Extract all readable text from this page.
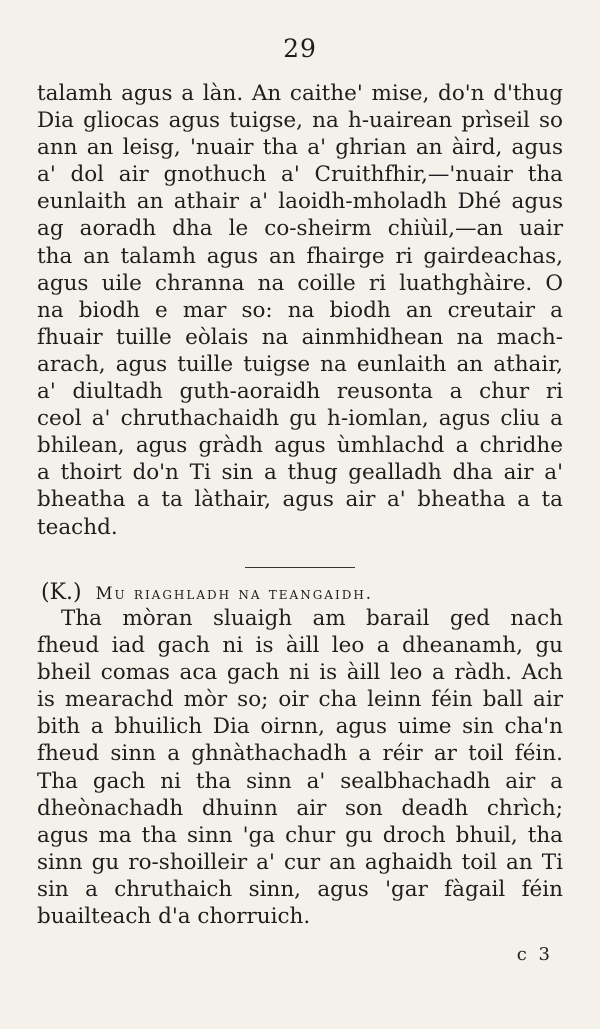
29
talamh agus a làn. An caithe' mise, do'n d'thug
Dia gliocas agus tuigse, na h-uairean prìseil so
ann an leisg, 'nuair tha a' ghrian an àird, agus
a' dol air gnothuch a' Cruithfhir,—'nuair tha
eunlaith an athair a' laoidh-mholadh Dhé agus
ag aoradh dha le co-sheirm chiùil,—an uair
tha an talamh agus an fhairge ri gairdeachas,
agus uile chranna na coille ri luathghàire. O
na biodh e mar so: na biodh an creutair a
fhuair tuille eòlais na ainmhidhean na mach-
arach, agus tuille tuigse na eunlaith an athair,
a' diultadh guth-aoraidh reusonta a chur ri
ceol a' chruthachaidh gu h-iomlan, agus cliu a
bhilean, agus gràdh agus ùmhlachd a chridhe
a thoirt do'n Ti sin a thug gealladh dha air a'
bheatha a ta làthair, agus air a' bheatha a ta
teachd.
(K.) Mu riaghladh na teangaidh.
Tha mòran sluaigh am barail ged nach
fheud iad gach ni is àill leo a dheanamh, gu
bheil comas aca gach ni is àill leo a ràdh. Ach
is mearachd mòr so; oir cha leinn féin ball air
bith a bhuilich Dia oirnn, agus uime sin cha'n
fheud sinn a ghnàthachadh a réir ar toil féin.
Tha gach ni tha sinn a' sealbhachadh air a
dheònachadh dhuinn air son deadh chrìch;
agus ma tha sinn 'ga chur gu droch bhuil, tha
sinn gu ro-shoilleir a' cur an aghaidh toil an Ti
sin a chruthaich sinn, agus 'gar fàgail féin
buailteach d'a chorruich.
c 3
